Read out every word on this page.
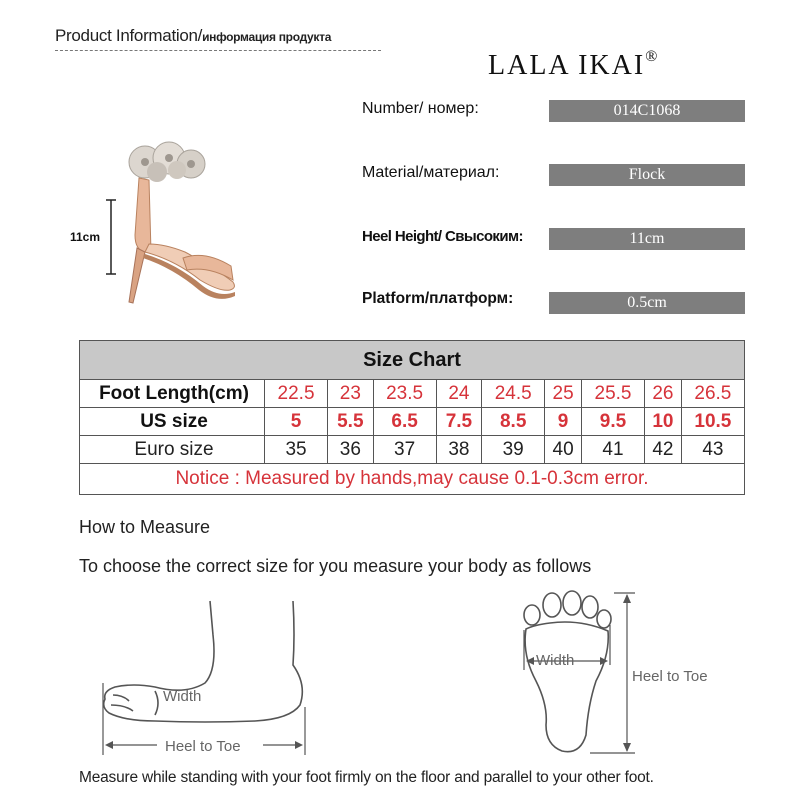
Product Information/информация продукта
LALA IKAI®
Number/ номер:	014C1068
Material/материал:	Flock
Heel Height/ Свысоким:	11cm
Platform/платформ:	0.5cm
11cm
Size Chart									
Foot Length(cm)	22.5	23	23.5	24	24.5	25	25.5	26	26.5
US size	5	5.5	6.5	7.5	8.5	9	9.5	10	10.5
Euro size	35	36	37	38	39	40	41	42	43
Notice : Measured by hands,may cause 0.1-0.3cm error.									
How to Measure
To choose the correct size for you measure your body as follows
Width
Heel to Toe
Width
Heel to Toe
Measure while standing with your foot firmly on the floor and parallel to your other foot.
